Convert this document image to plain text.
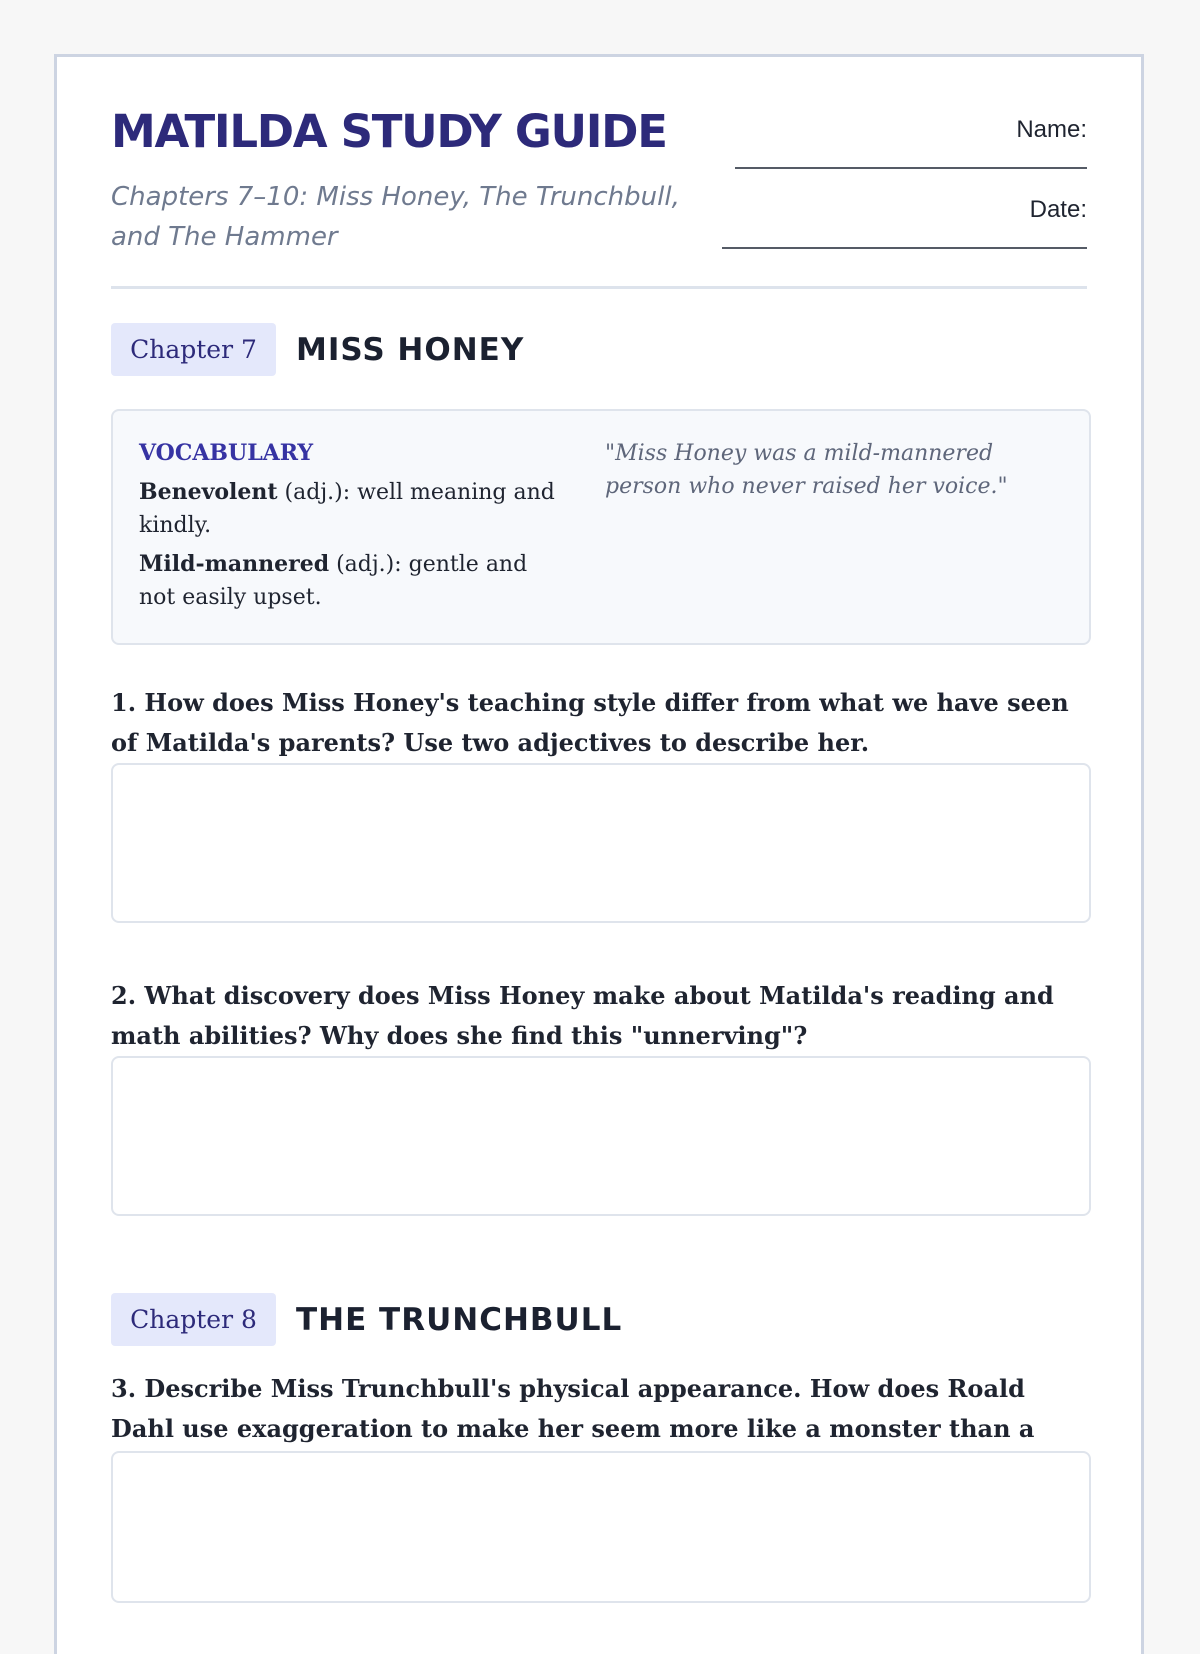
MATILDA STUDY GUIDE

Chapters 7–10: Miss Honey, The Trunchbull, and The Hammer

Name:
Date:
Chapter 7	MISS HONEY
VOCABULARY
Benevolent (adj.): well meaning and kindly.
Mild-mannered (adj.): gentle and not easily upset.
"Miss Honey was a mild-mannered person who never raised her voice."

1. How does Miss Honey's teaching style differ from what we have seen of Matilda's parents? Use two adjectives to describe her.

2. What discovery does Miss Honey make about Matilda's reading and math abilities? Why does she find this "unnerving"?

Chapter 8	THE TRUNCHBULL

3. Describe Miss Trunchbull's physical appearance. How does Roald Dahl use exaggeration to make her seem more like a monster than a
